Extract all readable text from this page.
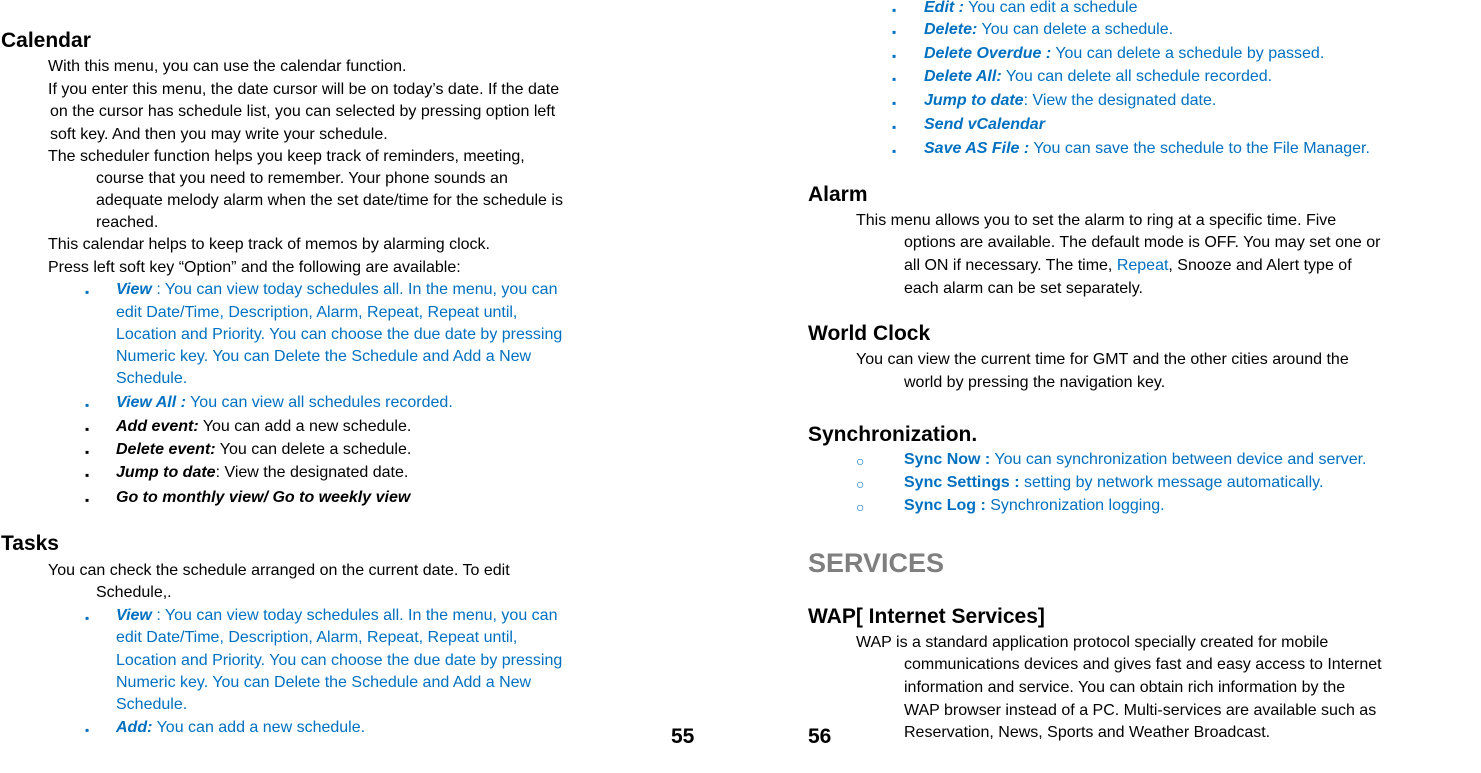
Calendar
With this menu, you can use the calendar function.
If you enter this menu, the date cursor will be on today’s date. If the date
on the cursor has schedule list, you can selected by pressing option left
soft key. And then you may write your schedule.
The scheduler function helps you keep track of reminders, meeting,
course that you need to remember. Your phone sounds an
adequate melody alarm when the set date/time for the schedule is
reached.
This calendar helps to keep track of memos by alarming clock.
Press left soft key “Option” and the following are available:
▪ View : You can view today schedules all. In the menu, you can
edit Date/Time, Description, Alarm, Repeat, Repeat until,
Location and Priority. You can choose the due date by pressing
Numeric key. You can Delete the Schedule and Add a New
Schedule.
▪ View All : You can view all schedules recorded.
▪ Add event: You can add a new schedule.
▪ Delete event: You can delete a schedule.
▪ Jump to date: View the designated date.
▪ Go to monthly view/ Go to weekly view
Tasks
You can check the schedule arranged on the current date. To edit
Schedule,.
▪ View : You can view today schedules all. In the menu, you can
edit Date/Time, Description, Alarm, Repeat, Repeat until,
Location and Priority. You can choose the due date by pressing
Numeric key. You can Delete the Schedule and Add a New
Schedule.
▪ Add: You can add a new schedule.	55
▪ Edit : You can edit a schedule
▪ Delete: You can delete a schedule.
▪ Delete Overdue : You can delete a schedule by passed.
▪ Delete All: You can delete all schedule recorded.
▪ Jump to date: View the designated date.
▪ Send vCalendar
▪ Save AS File : You can save the schedule to the File Manager.
Alarm
This menu allows you to set the alarm to ring at a specific time. Five
options are available. The default mode is OFF. You may set one or
all ON if necessary. The time, Repeat, Snooze and Alert type of
each alarm can be set separately.
World Clock
You can view the current time for GMT and the other cities around the
world by pressing the navigation key.
Synchronization.
○ Sync Now : You can synchronization between device and server.
○ Sync Settings : setting by network message automatically.
○ Sync Log : Synchronization logging.
SERVICES
WAP[ Internet Services]
WAP is a standard application protocol specially created for mobile
communications devices and gives fast and easy access to Internet
information and service. You can obtain rich information by the
WAP browser instead of a PC. Multi-services are available such as
Reservation, News, Sports and Weather Broadcast.
56
